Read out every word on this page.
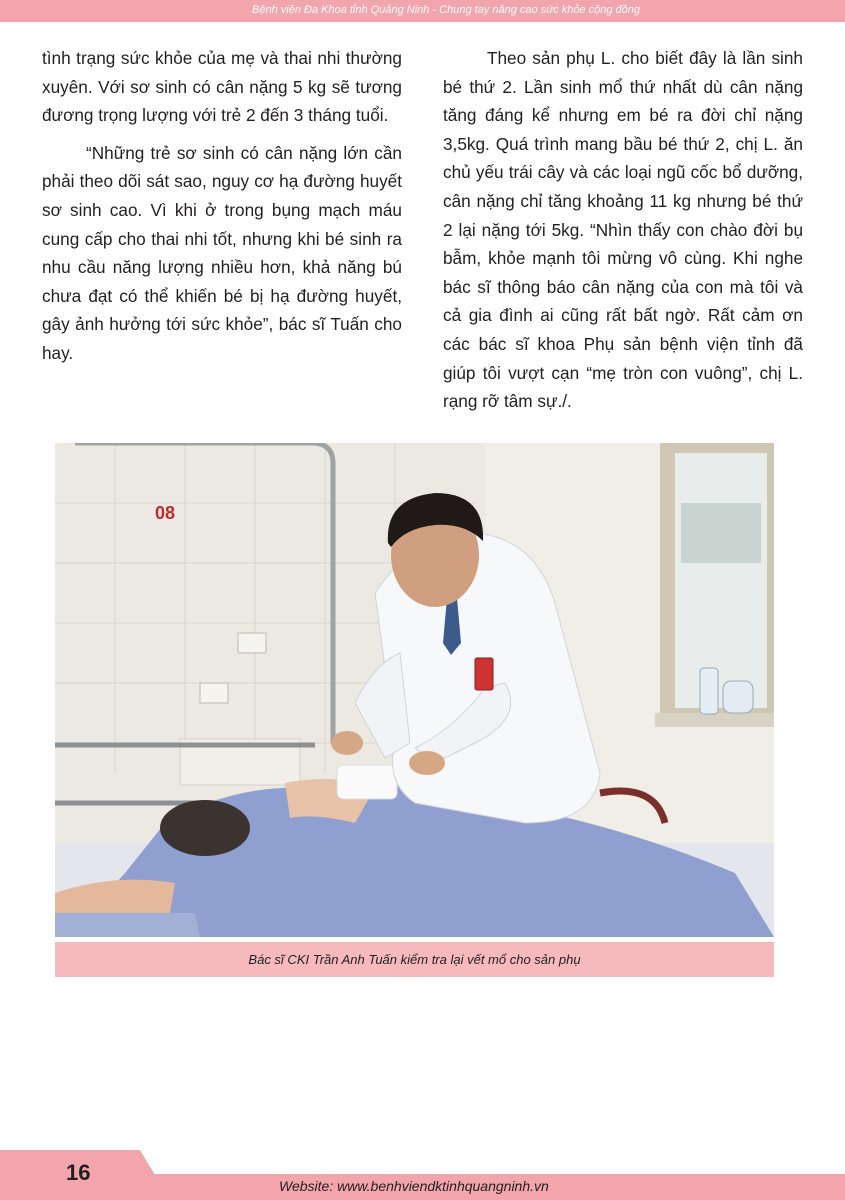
Bệnh viện Đa Khoa tỉnh Quảng Ninh - Chung tay nâng cao sức khỏe cộng đồng

tình trạng sức khỏe của mẹ và thai nhi thường xuyên. Với sơ sinh có cân nặng 5 kg sẽ tương đương trọng lượng với trẻ 2 đến 3 tháng tuổi.

“Những trẻ sơ sinh có cân nặng lớn cần phải theo dõi sát sao, nguy cơ hạ đường huyết sơ sinh cao. Vì khi ở trong bụng mạch máu cung cấp cho thai nhi tốt, nhưng khi bé sinh ra nhu cầu năng lượng nhiều hơn, khả năng bú chưa đạt có thể khiến bé bị hạ đường huyết, gây ảnh hưởng tới sức khỏe”, bác sĩ Tuấn cho hay.

Theo sản phụ L. cho biết đây là lần sinh bé thứ 2. Lần sinh mổ thứ nhất dù cân nặng tăng đáng kể nhưng em bé ra đời chỉ nặng 3,5kg. Quá trình mang bầu bé thứ 2, chị L. ăn chủ yếu trái cây và các loại ngũ cốc bổ dưỡng, cân nặng chỉ tăng khoảng 11 kg nhưng bé thứ 2 lại nặng tới 5kg. “Nhìn thấy con chào đời bụ bẫm, khỏe mạnh tôi mừng vô cùng. Khi nghe bác sĩ thông báo cân nặng của con mà tôi và cả gia đình ai cũng rất bất ngờ. Rất cảm ơn các bác sĩ khoa Phụ sản bệnh viện tỉnh đã giúp tôi vượt cạn “mẹ tròn con vuông”, chị L. rạng rỡ tâm sự./.

08
Bác sĩ CKI Trần Anh Tuấn kiểm tra lại vết mổ cho sản phụ
16
Website: www.benhviendktinhquangninh.vn
